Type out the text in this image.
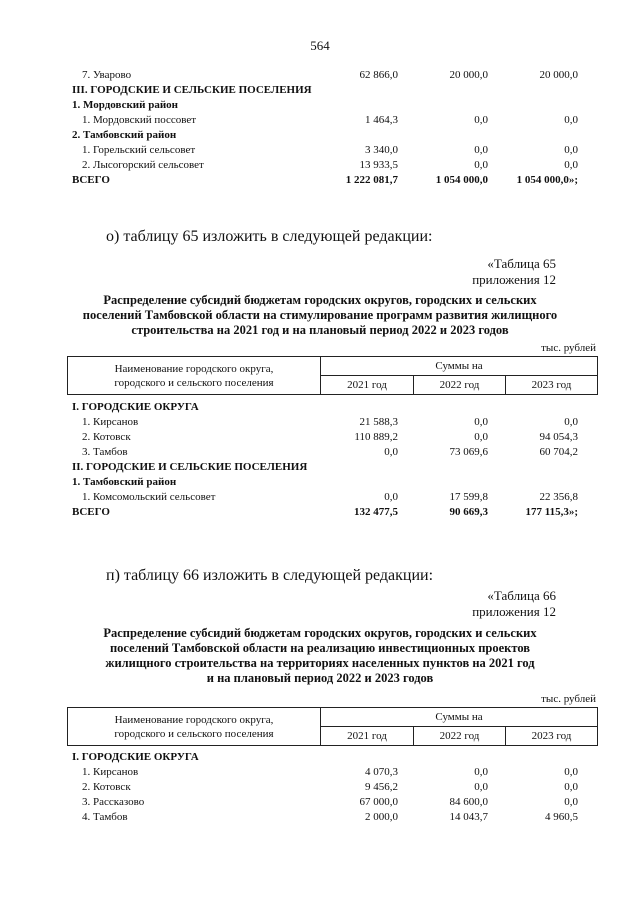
564
7. Уварово	62 866,0	20 000,0	20 000,0
III. ГОРОДСКИЕ И СЕЛЬСКИЕ ПОСЕЛЕНИЯ			
1. Мордовский район			
1. Мордовский поссовет	1 464,3	0,0	0,0
2. Тамбовский район			
1. Горельский сельсовет	3 340,0	0,0	0,0
2. Лысогорский сельсовет	13 933,5	0,0	0,0
ВСЕГО	1 222 081,7	1 054 000,0	1 054 000,0»;
о) таблицу 65 изложить в следующей редакции:
«Таблица 65
приложения 12
Распределение субсидий бюджетам городских округов, городских и сельских
поселений Тамбовской области на стимулирование программ развития жилищного
строительства на 2021 год и на плановый период 2022 и 2023 годов
тыс. рублей
Наименование городского округа,
городского и сельского поселения	Суммы на		
	2021 год	2022 год	2023 год
I. ГОРОДСКИЕ ОКРУГА			
1. Кирсанов	21 588,3	0,0	0,0
2. Котовск	110 889,2	0,0	94 054,3
3. Тамбов	0,0	73 069,6	60 704,2
II. ГОРОДСКИЕ И СЕЛЬСКИЕ ПОСЕЛЕНИЯ			
1. Тамбовский район			
1. Комсомольский сельсовет	0,0	17 599,8	22 356,8
ВСЕГО	132 477,5	90 669,3	177 115,3»;
п) таблицу 66 изложить в следующей редакции:
«Таблица 66
приложения 12
Распределение субсидий бюджетам городских округов, городских и сельских
поселений Тамбовской области на реализацию инвестиционных проектов
жилищного строительства на территориях населенных пунктов на 2021 год
и на плановый период 2022 и 2023 годов
тыс. рублей
Наименование городского округа,
городского и сельского поселения	Суммы на		
	2021 год	2022 год	2023 год
I. ГОРОДСКИЕ ОКРУГА			
1. Кирсанов	4 070,3	0,0	0,0
2. Котовск	9 456,2	0,0	0,0
3. Рассказово	67 000,0	84 600,0	0,0
4. Тамбов	2 000,0	14 043,7	4 960,5
